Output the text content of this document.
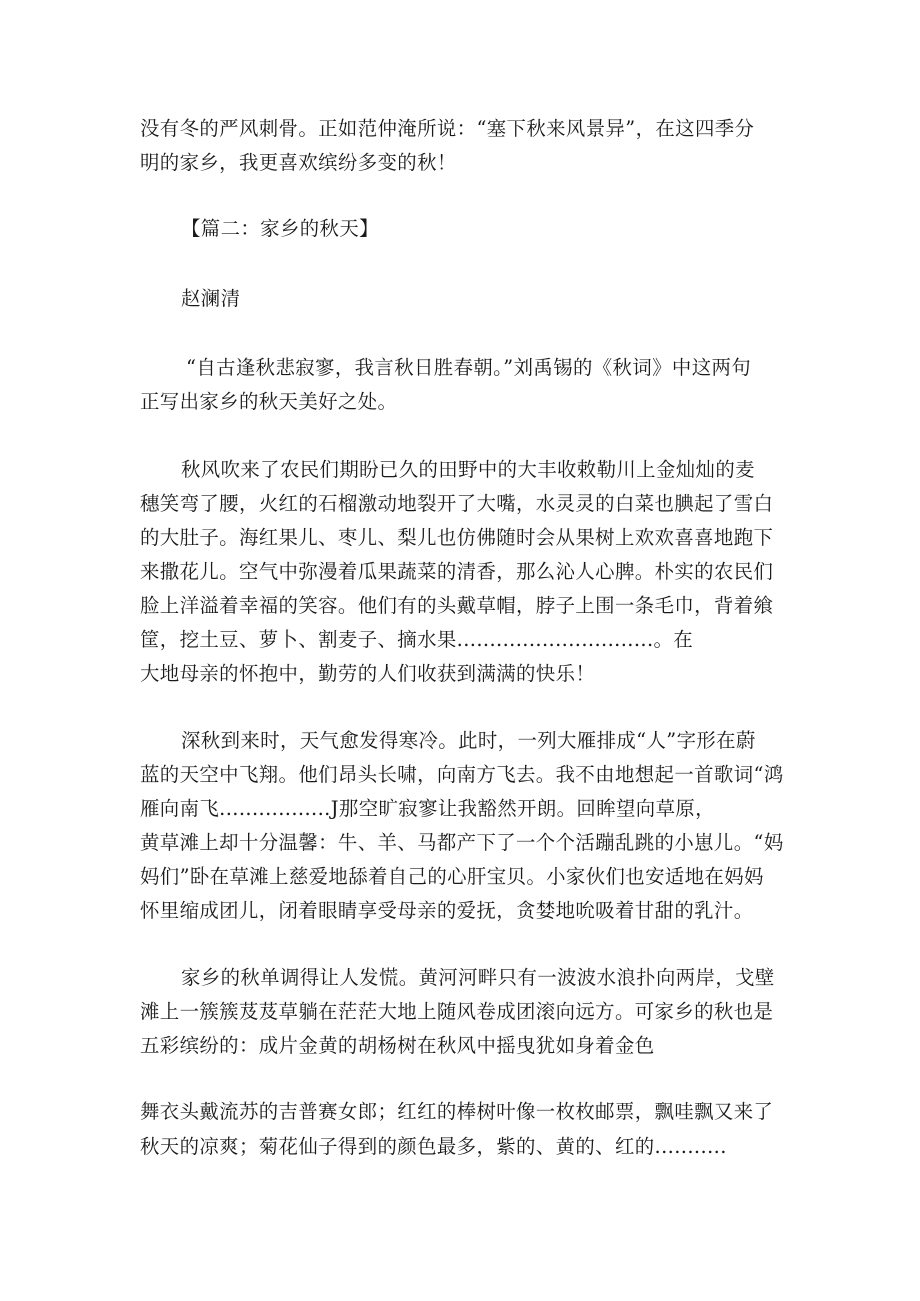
没有冬的严风刺骨。正如范仲淹所说：“塞下秋来风景异”，在这四季分

明的家乡，我更喜欢缤纷多变的秋！

【篇二：家乡的秋天】

赵澜清

“自古逢秋悲寂寥，我言秋日胜春朝。”刘禹锡的《秋词》中这两句

正写出家乡的秋天美好之处。

秋风吹来了农民们期盼已久的田野中的大丰收敕勒川上金灿灿的麦

穗笑弯了腰，火红的石榴激动地裂开了大嘴，水灵灵的白菜也腆起了雪白

的大肚子。海红果儿、枣儿、梨儿也仿佛随时会从果树上欢欢喜喜地跑下

来撒花儿。空气中弥漫着瓜果蔬菜的清香，那么沁人心脾。朴实的农民们

脸上洋溢着幸福的笑容。他们有的头戴草帽，脖子上围一条毛巾，背着飨

筐，挖土豆、萝卜、割麦子、摘水果..............................。在

大地母亲的怀抱中，勤劳的人们收获到满满的快乐！

深秋到来时，天气愈发得寒冷。此时，一列大雁排成“人”字形在蔚

蓝的天空中飞翔。他们昂头长啸，向南方飞去。我不由地想起一首歌词“鸿

雁向南飞.................J那空旷寂寥让我豁然开朗。回眸望向草原，

黄草滩上却十分温馨：牛、羊、马都产下了一个个活蹦乱跳的小崽儿。“妈

妈们”卧在草滩上慈爱地舔着自己的心肝宝贝。小家伙们也安适地在妈妈

怀里缩成团儿，闭着眼睛享受母亲的爱抚，贪婪地吮吸着甘甜的乳汁。

家乡的秋单调得让人发慌。黄河河畔只有一波波水浪扑向两岸，戈壁

滩上一簇簇芨芨草躺在茫茫大地上随风卷成团滚向远方。可家乡的秋也是

五彩缤纷的：成片金黄的胡杨树在秋风中摇曳犹如身着金色

舞衣头戴流苏的吉普赛女郎；红红的棒树叶像一枚枚邮票，飘哇飘又来了

秋天的凉爽；菊花仙子得到的颜色最多，紫的、黄的、红的...........
